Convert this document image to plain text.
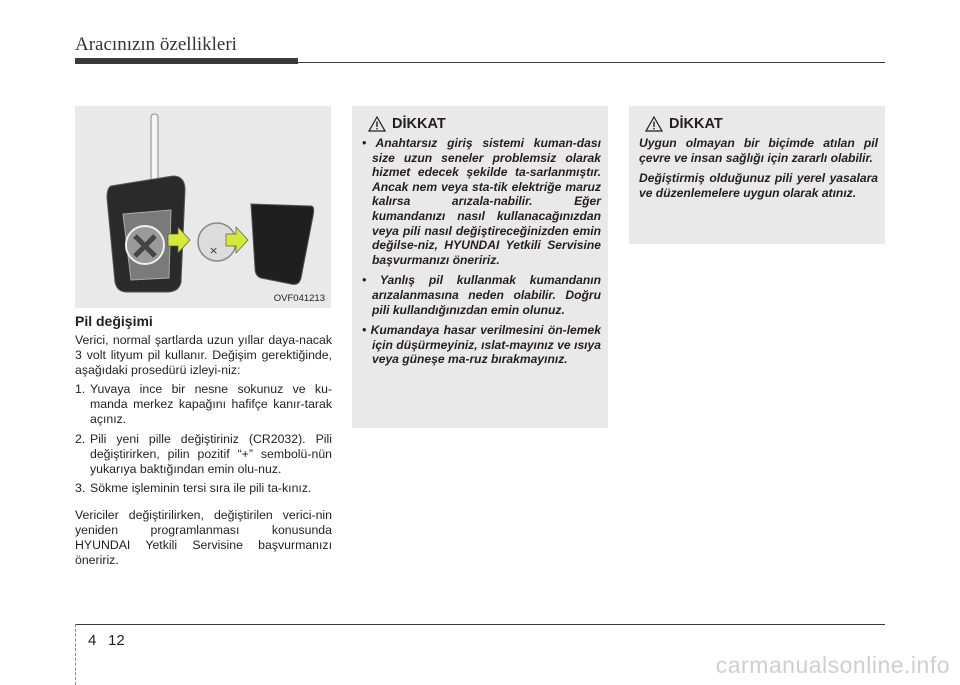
Aracınızın özellikleri
×
OVF041213
Pil değişimi
Verici, normal şartlarda uzun yıllar daya-nacak 3 volt lityum pil kullanır. Değişim gerektiğinde, aşağıdaki prosedürü izleyi-niz:
1. Yuvaya ince bir nesne sokunuz ve ku-manda merkez kapağını hafifçe kanır-tarak açınız.
2. Pili yeni pille değiştiriniz (CR2032). Pili değiştirirken, pilin pozitif “+” sembolü-nün yukarıya baktığından emin olu-nuz.
3. Sökme işleminin tersi sıra ile pili ta-kınız.
Vericiler değiştirilirken, değiştirilen verici-nin yeniden programlanması konusunda HYUNDAI Yetkili Servisine başvurmanızı öneririz.
DİKKAT
• Anahtarsız giriş sistemi kuman-dası size uzun seneler problemsiz olarak hizmet edecek şekilde ta-sarlanmıştır. Ancak nem veya sta-tik elektriğe maruz kalırsa arızala-nabilir. Eğer kumandanızı nasıl kullanacağınızdan veya pili nasıl değiştireceğinizden emin değilse-niz, HYUNDAI Yetkili Servisine başvurmanızı öneririz.
• Yanlış pil kullanmak kumandanın arızalanmasına neden olabilir. Doğru pili kullandığınızdan emin olunuz.
• Kumandaya hasar verilmesini ön-lemek için düşürmeyiniz, ıslat-mayınız ve ısıya veya güneşe ma-ruz bırakmayınız.
DİKKAT

Uygun olmayan bir biçimde atılan pil çevre ve insan sağlığı için zararlı olabilir.

Değiştirmiş olduğunuz pili yerel yasalara ve düzenlemelere uygun olarak atınız.

4 12
carmanualsonline.info
